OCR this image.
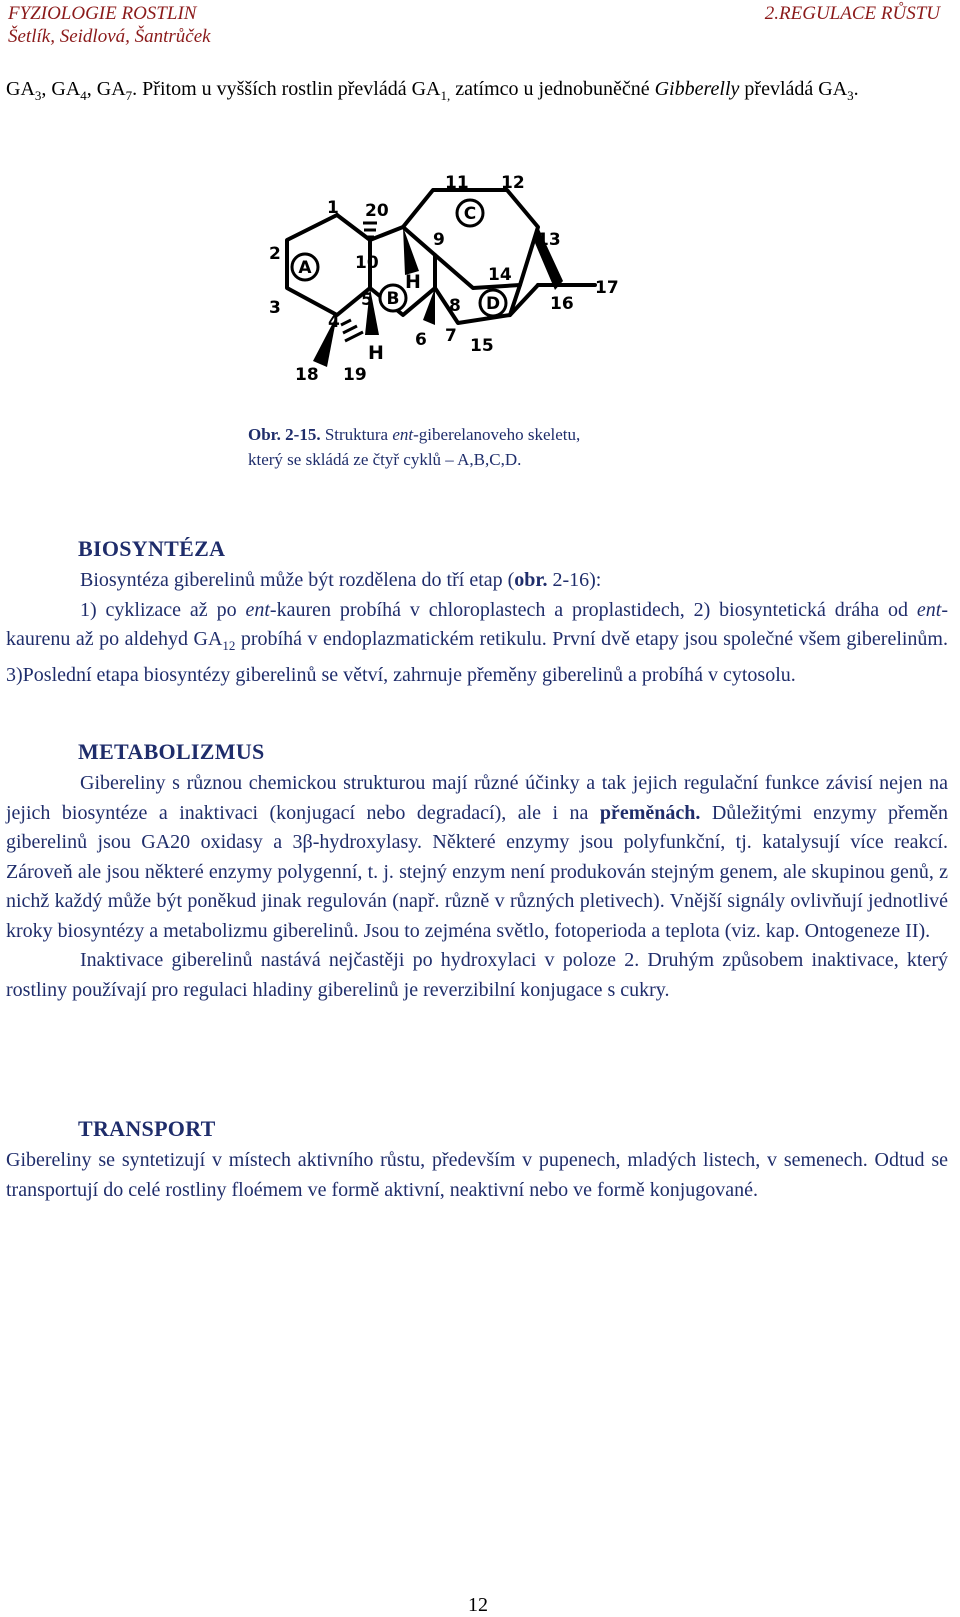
FYZIOLOGIE ROSTLIN
Šetlík, Seidlová, Šantrůček
2.REGULACE RŮSTU
$GA_3$, $GA_4$, $GA_7$. Přitom u vyšších rostlin převládá $GA_{1,}$ zatímco u jednobuněčné Gibberelly převládá $GA_3$.
A
B
C
D
1
2
3
4
5
6 7
8
9
10
11 12
13
14
15
16
17
18 19
20
H
H
Obr. 2-15. Struktura ent-giberelanoveho skeletu,
který se skládá ze čtyř cyklů – A,B,C,D.
BIOSYNTÉZA
Biosyntéza giberelinů může být rozdělena do tří etap (obr. 2-16):
1) cyklizace až po ent-kauren probíhá v chloroplastech a proplastidech, 2) biosyntetická dráha od ent-kaurenu až po aldehyd $GA_{12}$ probíhá v endoplazmatickém retikulu. První dvě etapy jsou společné všem giberelinům. 3)Poslední etapa biosyntézy giberelinů se větví, zahrnuje přeměny giberelinů a probíhá v cytosolu.
METABOLIZMUS
Gibereliny s různou chemickou strukturou mají různé účinky a tak jejich regulační funkce závisí nejen na jejich biosyntéze a inaktivaci (konjugací nebo degradací), ale i na přeměnách. Důležitými enzymy přeměn giberelinů jsou GA20 oxidasy a 3β-hydroxylasy. Některé enzymy jsou polyfunkční, tj. katalysují více reakcí. Zároveň ale jsou některé enzymy polygenní, t. j. stejný enzym není produkován stejným genem, ale skupinou genů, z nichž každý může být poněkud jinak regulován (např. různě v různých pletivech). Vnější signály ovlivňují jednotlivé kroky biosyntézy a metabolizmu giberelinů. Jsou to zejména světlo, fotoperioda a teplota (viz. kap. Ontogeneze II).
Inaktivace giberelinů nastává nejčastěji po hydroxylaci v poloze 2. Druhým způsobem inaktivace, který rostliny používají pro regulaci hladiny giberelinů je reverzibilní konjugace s cukry.
TRANSPORT
Gibereliny se syntetizují v místech aktivního růstu, především v pupenech, mladých listech, v semenech. Odtud se transportují do celé rostliny floémem ve formě aktivní, neaktivní nebo ve formě konjugované.
12
